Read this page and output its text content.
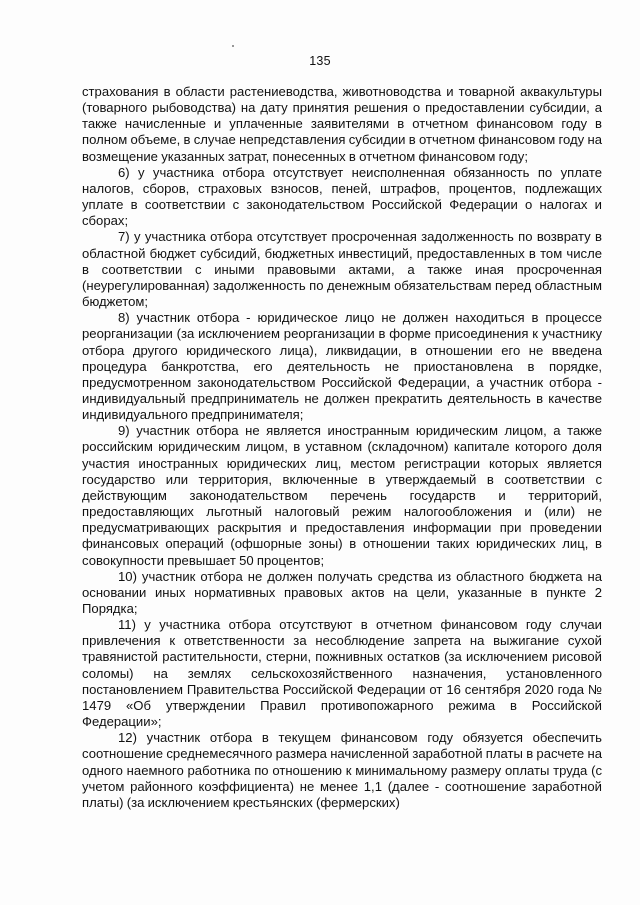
135

страхования в области растениеводства, животноводства и товарной аквакультуры (товарного рыбоводства) на дату принятия решения о предоставлении субсидии, а также начисленные и уплаченные заявителями в отчетном финансовом году в полном объеме, в случае непредставления субсидии в отчетном финансовом году на возмещение указанных затрат, понесенных в отчетном финансовом году;

6) у участника отбора отсутствует неисполненная обязанность по уплате налогов, сборов, страховых взносов, пеней, штрафов, процентов, подлежащих уплате в соответствии с законодательством Российской Федерации о налогах и сборах;

7) у участника отбора отсутствует просроченная задолженность по возврату в областной бюджет субсидий, бюджетных инвестиций, предоставленных в том числе в соответствии с иными правовыми актами, а также иная просроченная (неурегулированная) задолженность по денежным обязательствам перед областным бюджетом;

8) участник отбора - юридическое лицо не должен находиться в процессе реорганизации (за исключением реорганизации в форме присоединения к участнику отбора другого юридического лица), ликвидации, в отношении его не введена процедура банкротства, его деятельность не приостановлена в порядке, предусмотренном законодательством Российской Федерации, а участник отбора - индивидуальный предприниматель не должен прекратить деятельность в качестве индивидуального предпринимателя;

9) участник отбора не является иностранным юридическим лицом, а также российским юридическим лицом, в уставном (складочном) капитале которого доля участия иностранных юридических лиц, местом регистрации которых является государство или территория, включенные в утверждаемый в соответствии с действующим законодательством перечень государств и территорий, предоставляющих льготный налоговый режим налогообложения и (или) не предусматривающих раскрытия и предоставления информации при проведении финансовых операций (офшорные зоны) в отношении таких юридических лиц, в совокупности превышает 50 процентов;

10) участник отбора не должен получать средства из областного бюджета на основании иных нормативных правовых актов на цели, указанные в пункте 2 Порядка;

11) у участника отбора отсутствуют в отчетном финансовом году случаи привлечения к ответственности за несоблюдение запрета на выжигание сухой травянистой растительности, стерни, пожнивных остатков (за исключением рисовой соломы) на землях сельскохозяйственного назначения, установленного постановлением Правительства Российской Федерации от 16 сентября 2020 года № 1479 «Об утверждении Правил противопожарного режима в Российской Федерации»;

12) участник отбора в текущем финансовом году обязуется обеспечить соотношение среднемесячного размера начисленной заработной платы в расчете на одного наемного работника по отношению к минимальному размеру оплаты труда (с учетом районного коэффициента) не менее 1,1 (далее - соотношение заработной платы) (за исключением крестьянских (фермерских)
